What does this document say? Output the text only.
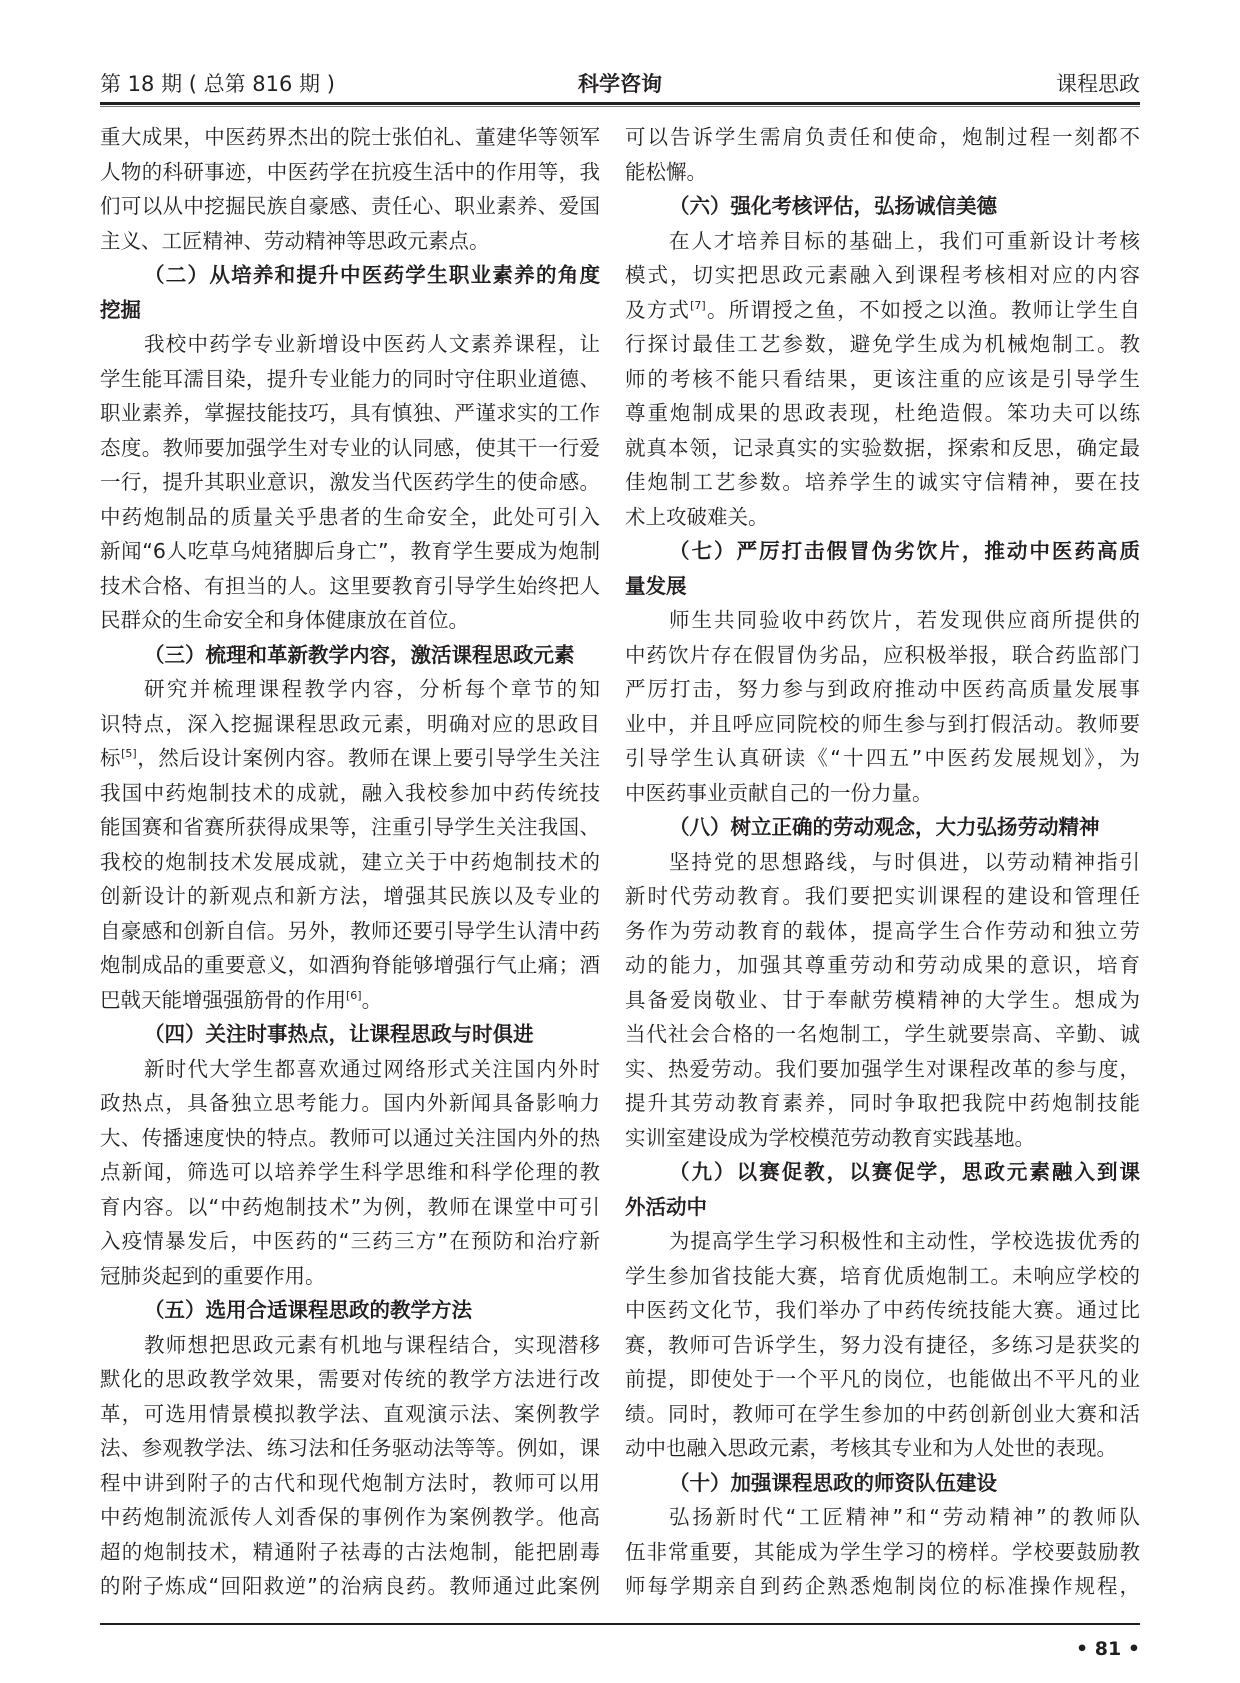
第 18 期 ( 总第 816 期 )	科学咨询	课程思政
重大成果，中医药界杰出的院士张伯礼、董建华等领军
人物的科研事迹，中医药学在抗疫生活中的作用等，我
们可以从中挖掘民族自豪感、责任心、职业素养、爱国
主义、工匠精神、劳动精神等思政元素点。
（二）从培养和提升中医药学生职业素养的角度
挖掘
我校中药学专业新增设中医药人文素养课程，让
学生能耳濡目染，提升专业能力的同时守住职业道德、
职业素养，掌握技能技巧，具有慎独、严谨求实的工作
态度。教师要加强学生对专业的认同感，使其干一行爱
一行，提升其职业意识，激发当代医药学生的使命感。
中药炮制品的质量关乎患者的生命安全，此处可引入
新闻“6人吃草乌炖猪脚后身亡”，教育学生要成为炮制
技术合格、有担当的人。这里要教育引导学生始终把人
民群众的生命安全和身体健康放在首位。
（三）梳理和革新教学内容，激活课程思政元素
研究并梳理课程教学内容，分析每个章节的知
识特点，深入挖掘课程思政元素，明确对应的思政目
标[5]，然后设计案例内容。教师在课上要引导学生关注
我国中药炮制技术的成就，融入我校参加中药传统技
能国赛和省赛所获得成果等，注重引导学生关注我国、
我校的炮制技术发展成就，建立关于中药炮制技术的
创新设计的新观点和新方法，增强其民族以及专业的
自豪感和创新自信。另外，教师还要引导学生认清中药
炮制成品的重要意义，如酒狗脊能够增强行气止痛；酒
巴戟天能增强强筋骨的作用[6]。
（四）关注时事热点，让课程思政与时俱进
新时代大学生都喜欢通过网络形式关注国内外时
政热点，具备独立思考能力。国内外新闻具备影响力
大、传播速度快的特点。教师可以通过关注国内外的热
点新闻，筛选可以培养学生科学思维和科学伦理的教
育内容。以“中药炮制技术”为例，教师在课堂中可引
入疫情暴发后，中医药的“三药三方”在预防和治疗新
冠肺炎起到的重要作用。
（五）选用合适课程思政的教学方法
教师想把思政元素有机地与课程结合，实现潜移
默化的思政教学效果，需要对传统的教学方法进行改
革，可选用情景模拟教学法、直观演示法、案例教学
法、参观教学法、练习法和任务驱动法等等。例如，课
程中讲到附子的古代和现代炮制方法时，教师可以用
中药炮制流派传人刘香保的事例作为案例教学。他高
超的炮制技术，精通附子祛毒的古法炮制，能把剧毒
的附子炼成“回阳救逆”的治病良药。教师通过此案例
可以告诉学生需肩负责任和使命，炮制过程一刻都不
能松懈。
（六）强化考核评估，弘扬诚信美德
在人才培养目标的基础上，我们可重新设计考核
模式，切实把思政元素融入到课程考核相对应的内容
及方式[7]。所谓授之鱼，不如授之以渔。教师让学生自
行探讨最佳工艺参数，避免学生成为机械炮制工。教
师的考核不能只看结果，更该注重的应该是引导学生
尊重炮制成果的思政表现，杜绝造假。笨功夫可以练
就真本领，记录真实的实验数据，探索和反思，确定最
佳炮制工艺参数。培养学生的诚实守信精神，要在技
术上攻破难关。
（七）严厉打击假冒伪劣饮片，推动中医药高质
量发展
师生共同验收中药饮片，若发现供应商所提供的
中药饮片存在假冒伪劣品，应积极举报，联合药监部门
严厉打击，努力参与到政府推动中医药高质量发展事
业中，并且呼应同院校的师生参与到打假活动。教师要
引导学生认真研读《“十四五”中医药发展规划》，为
中医药事业贡献自己的一份力量。
（八）树立正确的劳动观念，大力弘扬劳动精神
坚持党的思想路线，与时俱进，以劳动精神指引
新时代劳动教育。我们要把实训课程的建设和管理任
务作为劳动教育的载体，提高学生合作劳动和独立劳
动的能力，加强其尊重劳动和劳动成果的意识，培育
具备爱岗敬业、甘于奉献劳模精神的大学生。想成为
当代社会合格的一名炮制工，学生就要崇高、辛勤、诚
实、热爱劳动。我们要加强学生对课程改革的参与度，
提升其劳动教育素养，同时争取把我院中药炮制技能
实训室建设成为学校模范劳动教育实践基地。
（九）以赛促教，以赛促学，思政元素融入到课
外活动中
为提高学生学习积极性和主动性，学校选拔优秀的
学生参加省技能大赛，培育优质炮制工。未响应学校的
中医药文化节，我们举办了中药传统技能大赛。通过比
赛，教师可告诉学生，努力没有捷径，多练习是获奖的
前提，即使处于一个平凡的岗位，也能做出不平凡的业
绩。同时，教师可在学生参加的中药创新创业大赛和活
动中也融入思政元素，考核其专业和为人处世的表现。
（十）加强课程思政的师资队伍建设
弘扬新时代“工匠精神”和“劳动精神”的教师队
伍非常重要，其能成为学生学习的榜样。学校要鼓励教
师每学期亲自到药企熟悉炮制岗位的标准操作规程，
• 81 •
